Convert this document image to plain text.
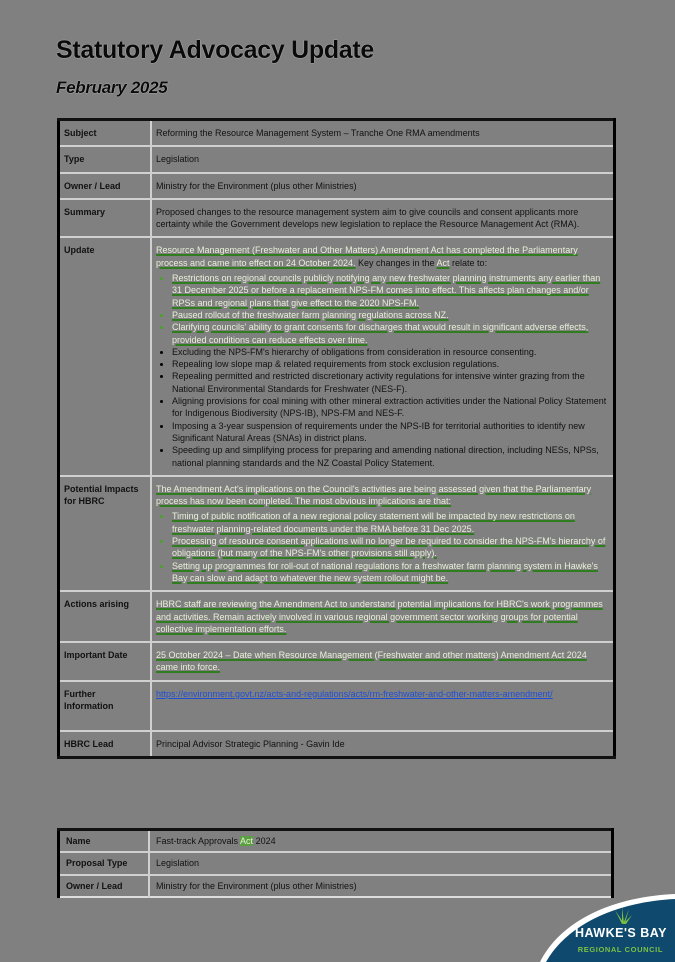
Statutory Advocacy Update
February 2025
Subject	Reforming the Resource Management System – Tranche One RMA amendments
Type	Legislation
Owner / Lead	Ministry for the Environment (plus other Ministries)
Summary	Proposed changes to the resource management system aim to give councils and consent applicants more certainty while the Government develops new legislation to replace the Resource Management Act (RMA).
Update	Resource Management (Freshwater and Other Matters) Amendment Act has completed the Parliamentary process and came into effect on 24 October 2024. Key changes in the Act relate to:
• Restrictions on regional councils publicly notifying any new freshwater planning instruments any earlier than 31 December 2025 or before a replacement NPS-FM comes into effect. This affects plan changes and/or RPSs and regional plans that give effect to the 2020 NPS-FM.
• Paused rollout of the freshwater farm planning regulations across NZ.
• Clarifying councils' ability to grant consents for discharges that would result in significant adverse effects, provided conditions can reduce effects over time.
• Excluding the NPS-FM's hierarchy of obligations from consideration in resource consenting.
• Repealing low slope map & related requirements from stock exclusion regulations.
• Repealing permitted and restricted discretionary activity regulations for intensive winter grazing from the National Environmental Standards for Freshwater (NES-F).
• Aligning provisions for coal mining with other mineral extraction activities under the National Policy Statement for Indigenous Biodiversity (NPS-IB), NPS-FM and NES-F.
• Imposing a 3-year suspension of requirements under the NPS-IB for territorial authorities to identify new Significant Natural Areas (SNAs) in district plans.
• Speeding up and simplifying process for preparing and amending national direction, including NESs, NPSs, national planning standards and the NZ Coastal Policy Statement.

Potential Impacts for HBRC	The Amendment Act's implications on the Council's activities are being assessed given that the Parliamentary process has now been completed. The most obvious implications are that:
• Timing of public notification of a new regional policy statement will be impacted by new restrictions on freshwater planning-related documents under the RMA before 31 Dec 2025.
• Processing of resource consent applications will no longer be required to consider the NPS-FM's hierarchy of obligations (but many of the NPS-FM's other provisions still apply).
• Setting up programmes for roll-out of national regulations for a freshwater farm planning system in Hawke's Bay can slow and adapt to whatever the new system rollout might be.

Actions arising	HBRC staff are reviewing the Amendment Act to understand potential implications for HBRC's work programmes and activities. Remain actively involved in various regional government sector working groups for potential collective implementation efforts.
Important Date	25 October 2024 – Date when Resource Management (Freshwater and other matters) Amendment Act 2024 came into force.
Further Information	https://environment.govt.nz/acts-and-regulations/acts/rm-freshwater-and-other-matters-amendment/
HBRC Lead	Principal Advisor Strategic Planning - Gavin Ide
Name	Fast-track Approvals Act 2024
Proposal Type	Legislation
Owner / Lead	Ministry for the Environment (plus other Ministries)
HAWKE'S BAY
REGIONAL COUNCIL
